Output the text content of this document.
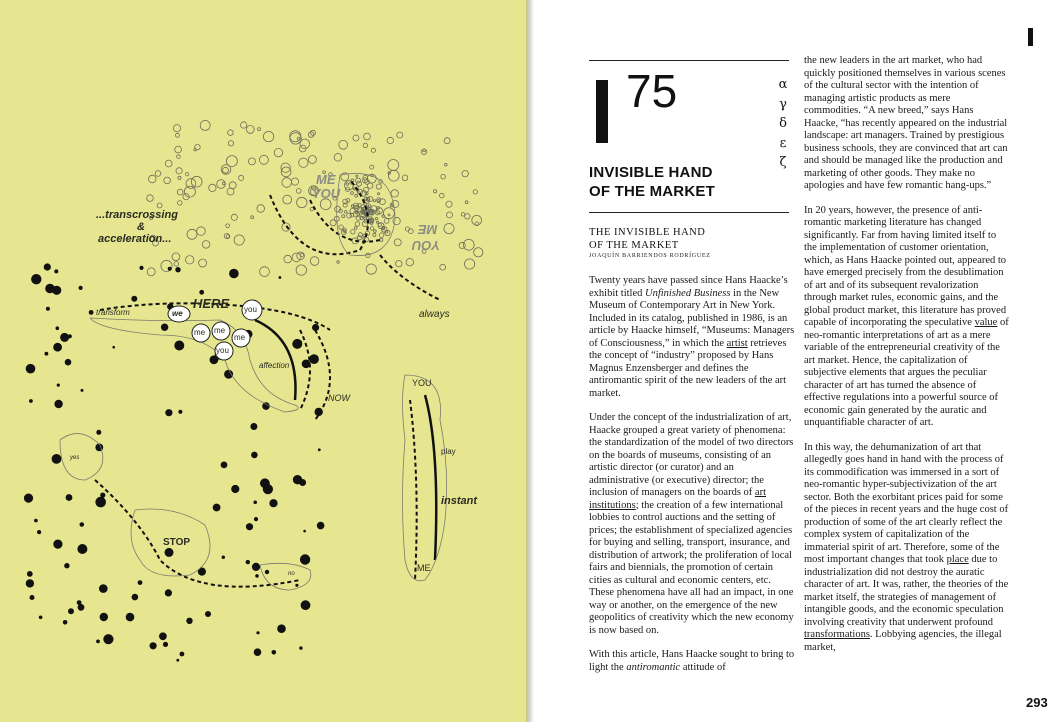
...transcrossing
&
acceleration...
ME
YOU
YOU
ME
always
transform
HERE
we	you
me me
me
you
affection
NOW
YOU
play
instant
ME
yes
STOP
no
75	α
γ
δ
ε
ζ
INVISIBLE HAND
OF THE MARKET
THE INVISIBLE HAND
OF THE MARKET
JOAQUÍN BARRIENDOS RODRÍGUEZ

Twenty years have passed since Hans Haacke’s exhibit titled Unfinished Business in the New Museum of Contemporary Art in New York. Included in its catalog, published in 1986, is an article by Haacke himself, “Museums: Managers of Consciousness,” in which the artist retrieves the concept of “industry” proposed by Hans Magnus Enzensberger and defines the antiromantic spirit of the new leaders of the art market.

Under the concept of the industrialization of art, Haacke grouped a great variety of phenomena: the standardization of the model of two directors on the boards of museums, consisting of an artistic director (or curator) and an administrative (or executive) director; the inclusion of managers on the boards of art institutions; the creation of a few international lobbies to control auctions and the setting of prices; the establishment of specialized agencies for buying and selling, transport, insurance, and distribution of artwork; the proliferation of local fairs and biennials, the promotion of certain cities as cultural and economic centers, etc. These phenomena have all had an impact, in one way or another, on the emergence of the new geopolitics of creativity which the new economy is now based on.

With this article, Hans Haacke sought to bring to light the antiromantic attitude of

the new leaders in the art market, who had quickly positioned themselves in various scenes of the cultural sector with the intention of managing artistic products as mere commodities. “A new breed,” says Hans Haacke, “has recently appeared on the industrial landscape: art managers. Trained by prestigious business schools, they are convinced that art can and should be managed like the production and marketing of other goods. They make no apologies and have few romantic hang-ups.”

In 20 years, however, the presence of anti-romantic marketing literature has changed significantly. Far from having limited itself to the implementation of customer orientation, which, as Hans Haacke pointed out, appeared to have emerged precisely from the desublimation of art and of its subsequent revalorization through market rules, economic gains, and the global product market, this literature has proved capable of incorporating the speculative value of neo-romantic interpretations of art as a mere variable of the entrepreneurial creativity of the art market. Hence, the capitalization of subjective elements that argues the peculiar character of art has turned the absence of effective regulations into a powerful source of economic gain generated by the auratic and unquantifiable character of art.

In this way, the dehumanization of art that allegedly goes hand in hand with the process of its commodification was immersed in a sort of neo-romantic hyper-subjectivization of the art sector. Both the exorbitant prices paid for some of the pieces in recent years and the huge cost of production of some of the art clearly reflect the complex system of capitalization of the immaterial spirit of art. Therefore, some of the most important changes that took place due to industrialization did not destroy the auratic character of art. It was, rather, the theories of the market itself, the strategies of management of intangible goods, and the economic speculation involving creativity that underwent profound transformations. Lobbying agencies, the illegal market,

293
